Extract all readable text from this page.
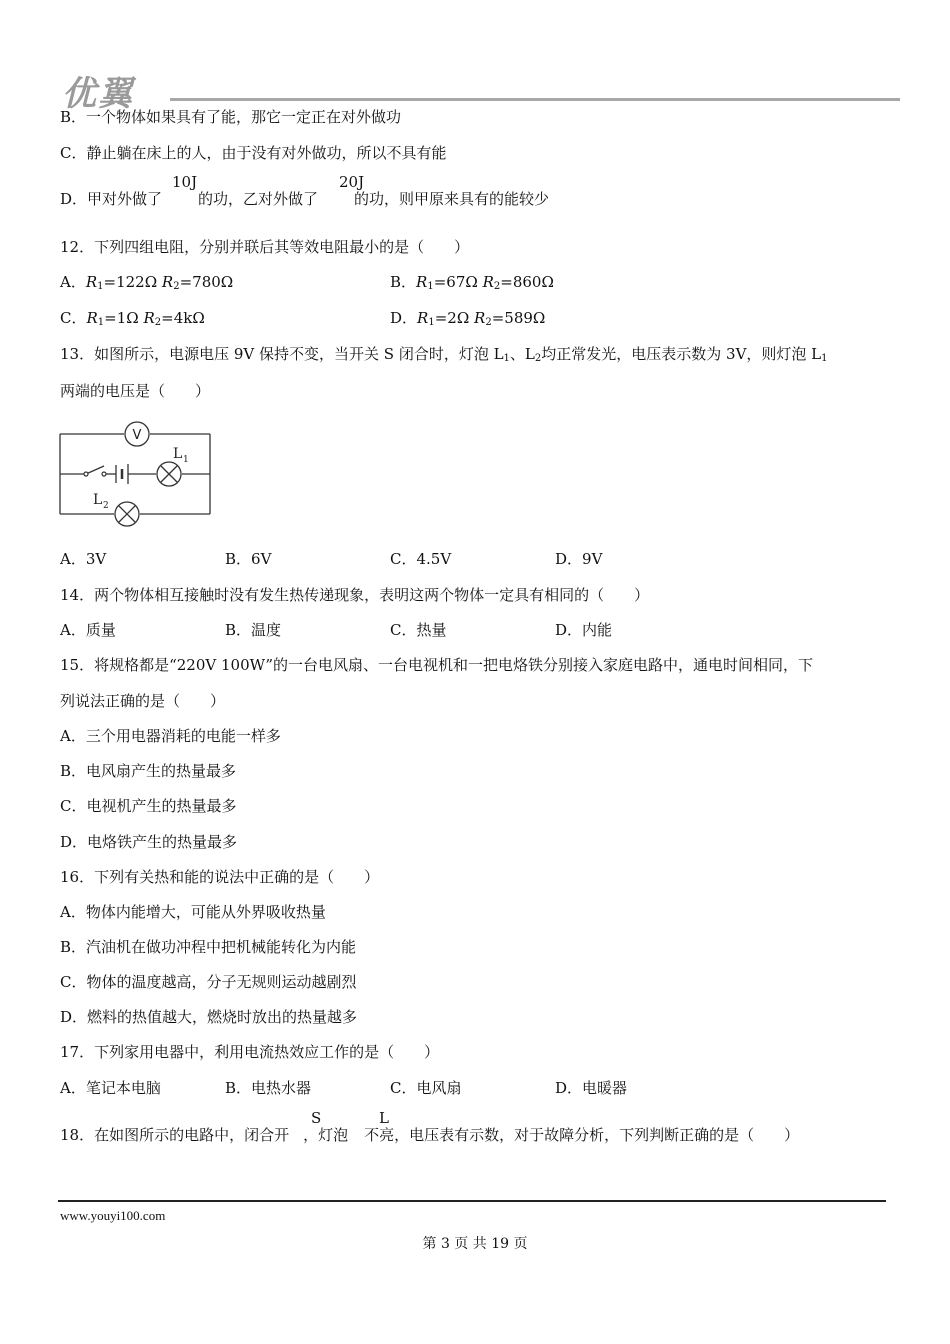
优翼
B．一个物体如果具有了能，那它一定正在对外做功
C．静止躺在床上的人，由于没有对外做功，所以不具有能
D．甲对外做了 的功，乙对外做了 的功，则甲原来具有的能较少
10J	20J
12．下列四组电阻，分别并联后其等效电阻最小的是（　　）
A．$R_1=122\Omega$ $R_2=780\Omega$	B．$R_1=67\Omega$ $R_2=860\Omega$
C．$R_1=1\Omega$ $R_2=4k\Omega$	D．$R_1=2\Omega$ $R_2=589\Omega$
13．如图所示，电源电压 9V 保持不变，当开关 S 闭合时，灯泡 $L_1$、$L_2$均正常发光，电压表示数为 3V，则灯泡 $L_1$
两端的电压是（　　）
V
L 1
L 2
A．3V	B．6V	C．4.5V	D．9V
14．两个物体相互接触时没有发生热传递现象，表明这两个物体一定具有相同的（　　）
A．质量	B．温度	C．热量	D．内能
15．将规格都是“220V 100W”的一台电风扇、一台电视机和一把电烙铁分别接入家庭电路中，通电时间相同，下
列说法正确的是（　　）
A．三个用电器消耗的电能一样多
B．电风扇产生的热量最多
C．电视机产生的热量最多
D．电烙铁产生的热量最多
16．下列有关热和能的说法中正确的是（　　）
A．物体内能增大，可能从外界吸收热量
B．汽油机在做功冲程中把机械能转化为内能
C．物体的温度越高，分子无规则运动越剧烈
D．燃料的热值越大，燃烧时放出的热量越多
17．下列家用电器中，利用电流热效应工作的是（　　）
A．笔记本电脑	B．电热水器	C．电风扇	D．电暖器
18．在如图所示的电路中，闭合开 ，灯泡 不亮，电压表有示数，对于故障分析，下列判断正确的是（　　）
S	L
www.youyi100.com
第 3 页 共 19 页
